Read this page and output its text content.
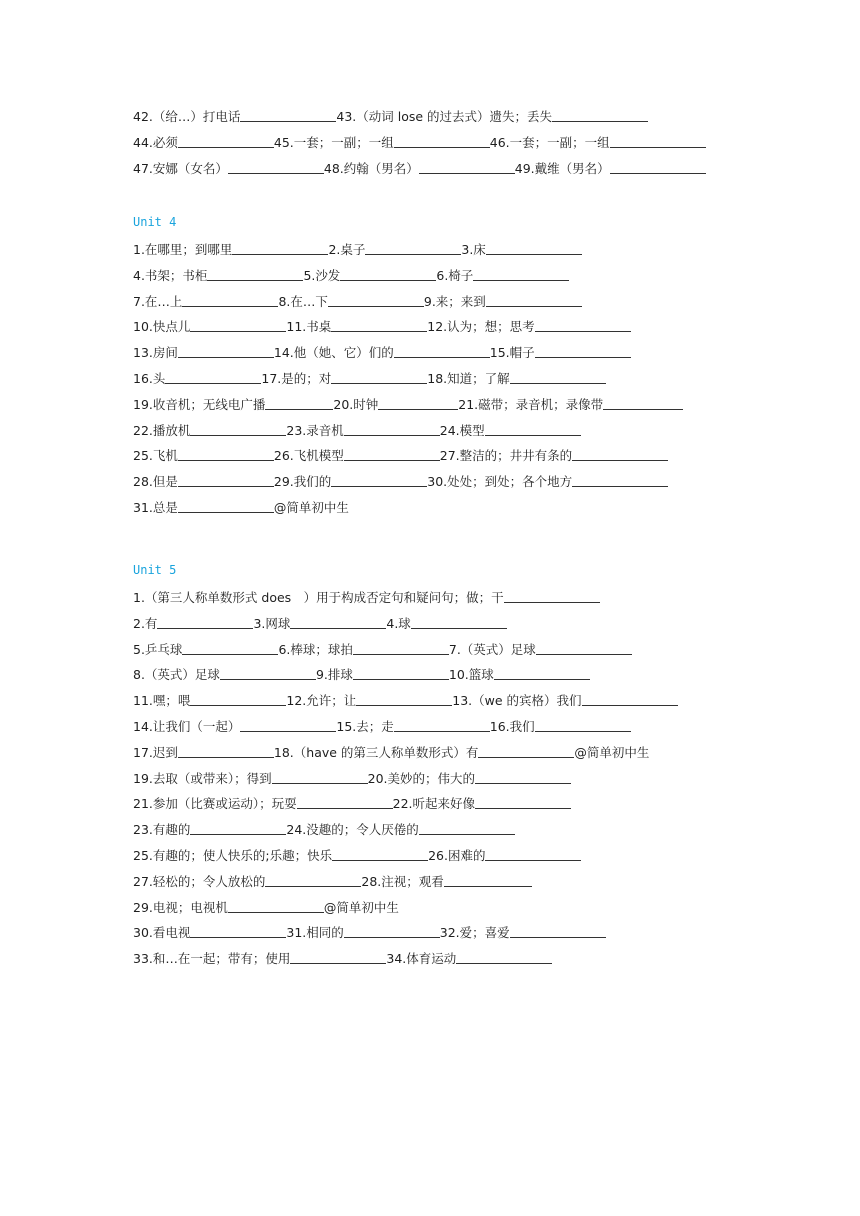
42.（给…）打电话	43.（动词 lose 的过去式）遗失；丢失
44.必须	45.一套；一副；一组	46.一套；一副；一组
47.安娜（女名）	48.约翰（男名）	49.戴维（男名）
Unit 4
1.在哪里；到哪里	2.桌子	3.床
4.书架；书柜	5.沙发	6.椅子
7.在…上	8.在…下	9.来；来到
10.快点儿	11.书桌	12.认为；想；思考
13.房间	14.他（她、它）们的	15.帽子
16.头	17.是的；对	18.知道；了解
19.收音机；无线电广播	20.时钟	21.磁带；录音机；录像带
22.播放机	23.录音机	24.模型
25.飞机	26.飞机模型	27.整洁的；井井有条的
28.但是	29.我们的	30.处处；到处；各个地方
31.总是	@简单初中生
Unit 5
1.（第三人称单数形式 does　）用于构成否定句和疑问句；做；干
2.有	3.网球	4.球
5.乒乓球	6.棒球；球拍	7.（英式）足球
8.（英式）足球	9.排球	10.篮球
11.嘿；喂	12.允许；让	13.（we 的宾格）我们
14.让我们（一起）	15.去；走	16.我们
17.迟到	18.（have 的第三人称单数形式）有	@简单初中生
19.去取（或带来）；得到	20.美妙的；伟大的
21.参加（比赛或运动）；玩耍	22.听起来好像
23.有趣的	24.没趣的；令人厌倦的
25.有趣的；使人快乐的;乐趣；快乐	26.困难的
27.轻松的；令人放松的	28.注视；观看
29.电视；电视机	@简单初中生
30.看电视	31.相同的	32.爱；喜爱
33.和…在一起；带有；使用	34.体育运动
